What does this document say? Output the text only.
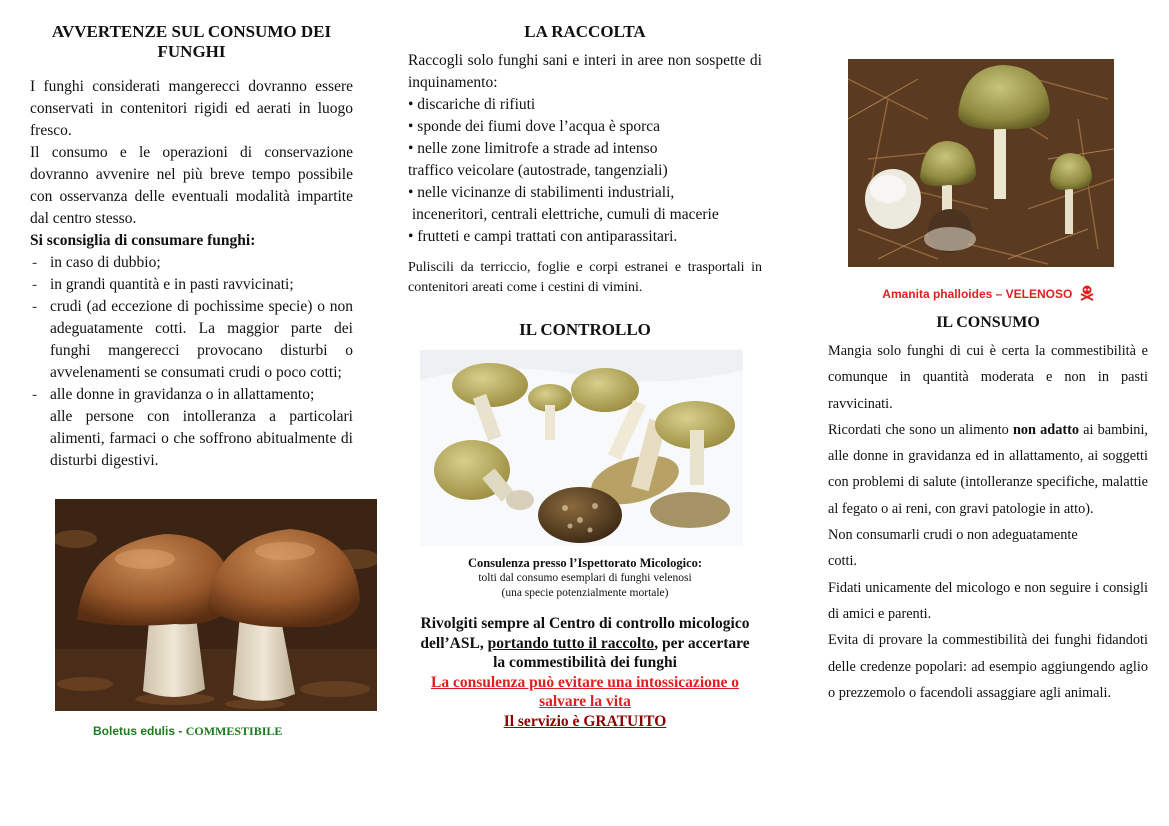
AVVERTENZE SUL CONSUMO DEI FUNGHI

I funghi considerati mangerecci dovranno essere conservati in contenitori rigidi ed aerati in luogo fresco.

Il consumo e le operazioni di conservazione dovranno avvenire nel più breve tempo possibile con osservanza delle eventuali modalità impartite dal centro stesso.

Si sconsiglia di consumare funghi:

- in caso di dubbio;
- in grandi quantità e in pasti ravvicinati;
- crudi (ad eccezione di pochissime specie) o non adeguatamente cotti. La maggior parte dei funghi mangerecci provocano disturbi o avvelenamenti se consumati crudi o poco cotti;
- alle donne in gravidanza o in allattamento;

alle persone con intolleranza a particolari alimenti, farmaci o che soffrono abitualmente di disturbi digestivi.

Boletus edulis - COMMESTIBILE
LA RACCOLTA

Raccogli solo funghi sani e interi in aree non sospette di inquinamento:

• discariche di rifiuti

• sponde dei fiumi dove l’acqua è sporca

• nelle zone limitrofe a strade ad intenso

traffico veicolare (autostrade, tangenziali)

• nelle vicinanze di stabilimenti industriali,

inceneritori, centrali elettriche, cumuli di macerie

• frutteti e campi trattati con antiparassitari.

Puliscili da terriccio, foglie e corpi estranei e trasportali in contenitori areati come i cestini di vimini.

IL CONTROLLO
Consulenza presso l’Ispettorato Micologico:
tolti dal consumo esemplari di funghi velenosi
(una specie potenzialmente mortale)
Rivolgiti sempre al Centro di controllo micologico dell’ASL, portando tutto il raccolto, per accertare la commestibilità dei funghi
La consulenza può evitare una intossicazione o salvare la vita
Il servizio è GRATUITO
Amanita phalloides – VELENOSO
IL CONSUMO

Mangia solo funghi di cui è certa la commestibilità e comunque in quantità moderata e non in pasti ravvicinati.

Ricordati che sono un alimento non adatto ai bambini, alle donne in gravidanza ed in allattamento, ai soggetti con problemi di salute (intolleranze specifiche, malattie al fegato o ai reni, con gravi patologie in atto).

Non consumarli crudi o non adeguatamente
cotti.

Fidati unicamente del micologo e non seguire i consigli di amici e parenti.

Evita di provare la commestibilità dei funghi fidandoti delle credenze popolari: ad esempio aggiungendo aglio o prezzemolo o facendoli assaggiare agli animali.
